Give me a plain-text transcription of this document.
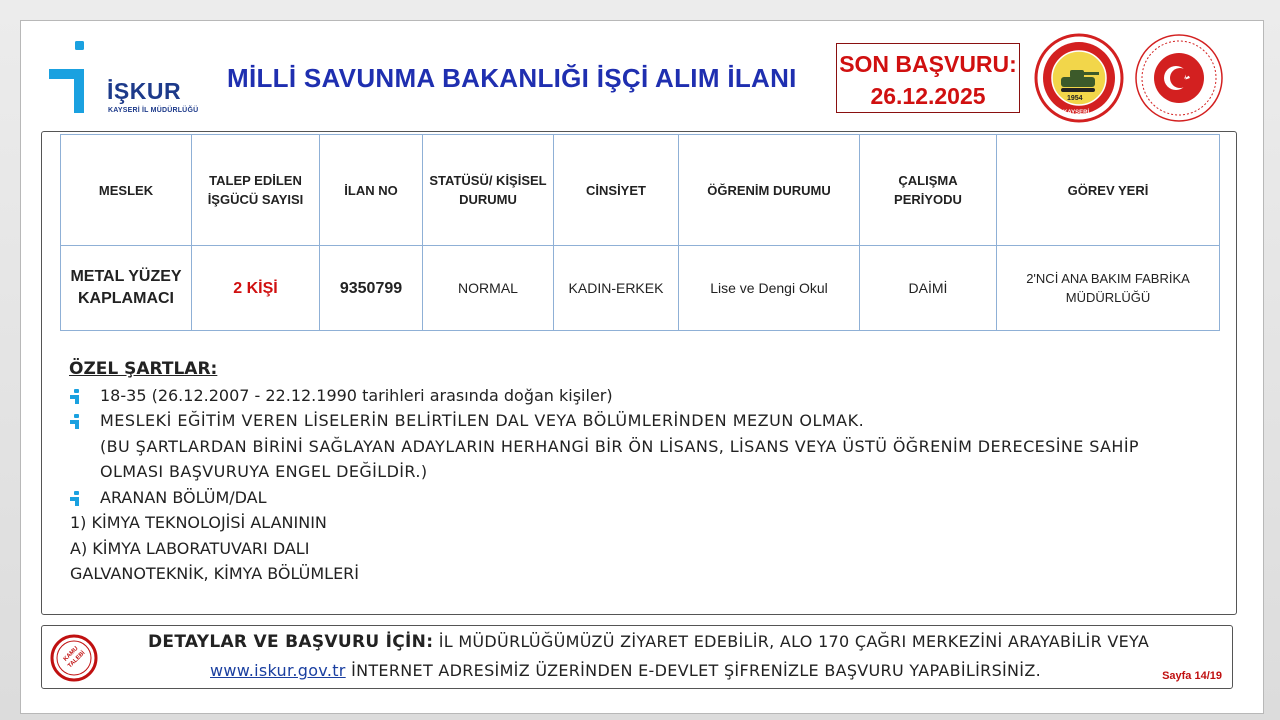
İŞKUR
KAYSERİ İL MÜDÜRLÜĞÜ
MİLLİ SAVUNMA BAKANLIĞI İŞÇİ ALIM İLANI	SON BAŞVURU:
26.12.2025	1954
KAYSERİ
MESLEK	TALEP EDİLEN İŞGÜCÜ SAYISI	İLAN NO	STATÜSÜ/ KİŞİSEL DURUMU	CİNSİYET	ÖĞRENİM DURUMU	ÇALIŞMA PERİYODU	GÖREV YERİ
METAL YÜZEY KAPLAMACI	2 KİŞİ	9350799	NORMAL	KADIN-ERKEK	Lise ve Dengi Okul	DAİMİ	2'NCİ ANA BAKIM FABRİKA MÜDÜRLÜĞÜ
ÖZEL ŞARTLAR:
18-35 (26.12.2007 - 22.12.1990 tarihleri arasında doğan kişiler)
MESLEKİ EĞİTİM VEREN LİSELERİN BELİRTİLEN DAL VEYA BÖLÜMLERİNDEN MEZUN OLMAK.
(BU ŞARTLARDAN BİRİNİ SAĞLAYAN ADAYLARIN HERHANGİ BİR ÖN LİSANS, LİSANS VEYA ÜSTÜ ÖĞRENİM DERECESİNE SAHİP
OLMASI BAŞVURUYA ENGEL DEĞİLDİR.)
ARANAN BÖLÜM/DAL
1) KİMYA TEKNOLOJİSİ ALANININ
A) KİMYA LABORATUVARI DALI
GALVANOTEKNİK, KİMYA BÖLÜMLERİ
KAMU TALEBİ
DETAYLAR VE BAŞVURU İÇİN: İL MÜDÜRLÜĞÜMÜZÜ ZİYARET EDEBİLİR, ALO 170 ÇAĞRI MERKEZİNİ ARAYABİLİR VEYA
www.iskur.gov.tr İNTERNET ADRESİMİZ ÜZERİNDEN E-DEVLET ŞİFRENİZLE BAŞVURU YAPABİLİRSİNİZ.	Sayfa 14/19
